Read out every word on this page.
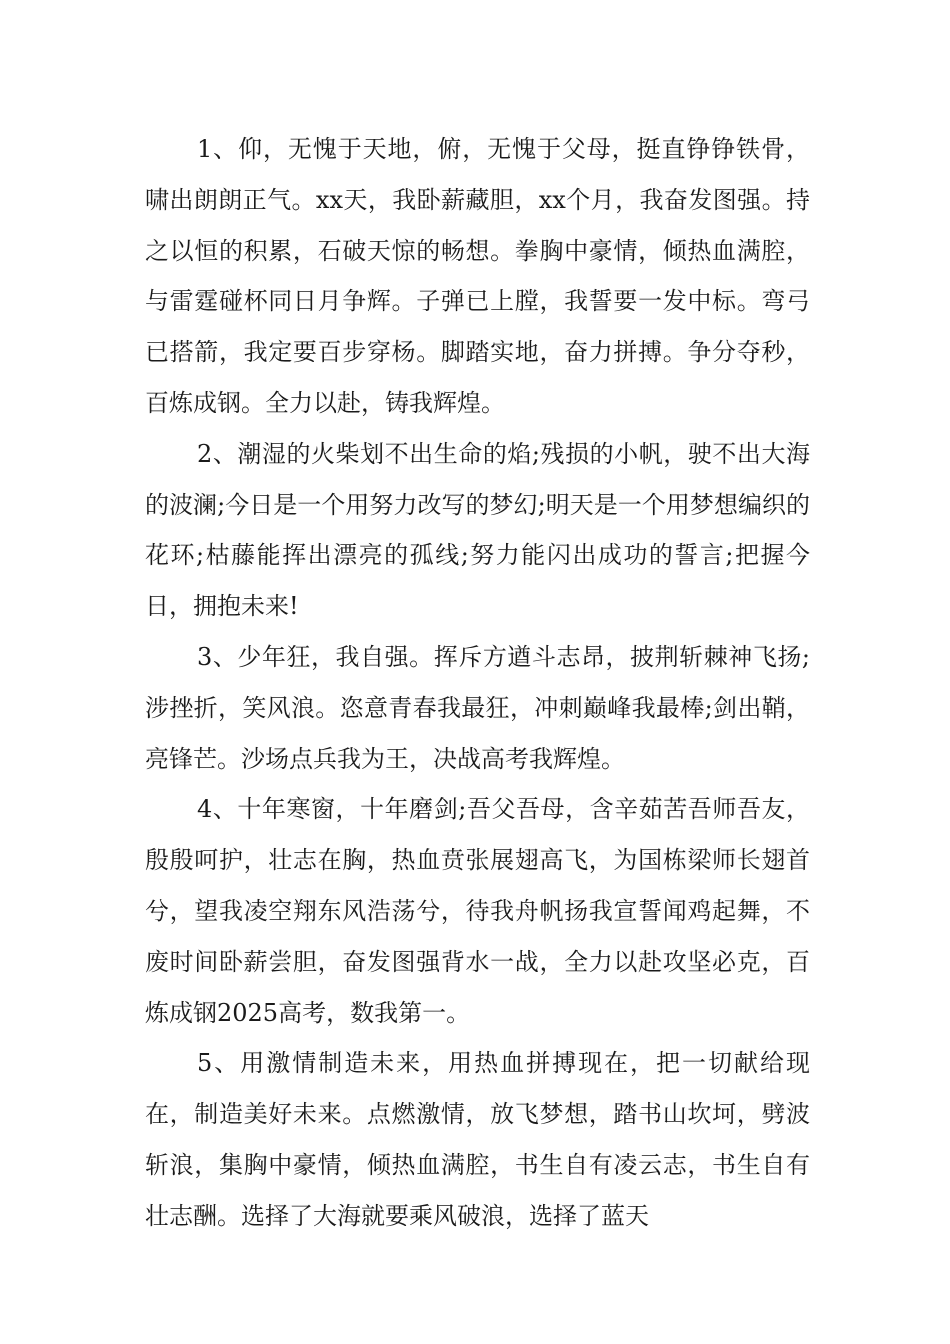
1、仰，无愧于天地，俯，无愧于父母，挺直铮铮铁骨，啸出朗朗正气。xx天，我卧薪藏胆，xx个月，我奋发图强。持之以恒的积累，石破天惊的畅想。拳胸中豪情，倾热血满腔，与雷霆碰杯同日月争辉。子弹已上膛，我誓要一发中标。弯弓已搭箭，我定要百步穿杨。脚踏实地，奋力拼搏。争分夺秒，百炼成钢。全力以赴，铸我辉煌。

2、潮湿的火柴划不出生命的焰;残损的小帆，驶不出大海的波澜;今日是一个用努力改写的梦幻;明天是一个用梦想编织的花环;枯藤能挥出漂亮的孤线;努力能闪出成功的誓言;把握今日，拥抱未来!

3、少年狂，我自强。挥斥方遒斗志昂，披荆斩棘神飞扬;涉挫折，笑风浪。恣意青春我最狂，冲刺巅峰我最棒;剑出鞘，亮锋芒。沙场点兵我为王，决战高考我辉煌。

4、十年寒窗，十年磨剑;吾父吾母，含辛茹苦吾师吾友，殷殷呵护，壮志在胸，热血贲张展翅高飞，为国栋梁师长翅首兮，望我凌空翔东风浩荡兮，待我舟帆扬我宣誓闻鸡起舞，不废时间卧薪尝胆，奋发图强背水一战，全力以赴攻坚必克，百炼成钢2025高考，数我第一。

5、用激情制造未来，用热血拼搏现在，把一切献给现在，制造美好未来。点燃激情，放飞梦想，踏书山坎坷，劈波斩浪，集胸中豪情，倾热血满腔，书生自有凌云志，书生自有壮志酬。选择了大海就要乘风破浪，选择了蓝天
